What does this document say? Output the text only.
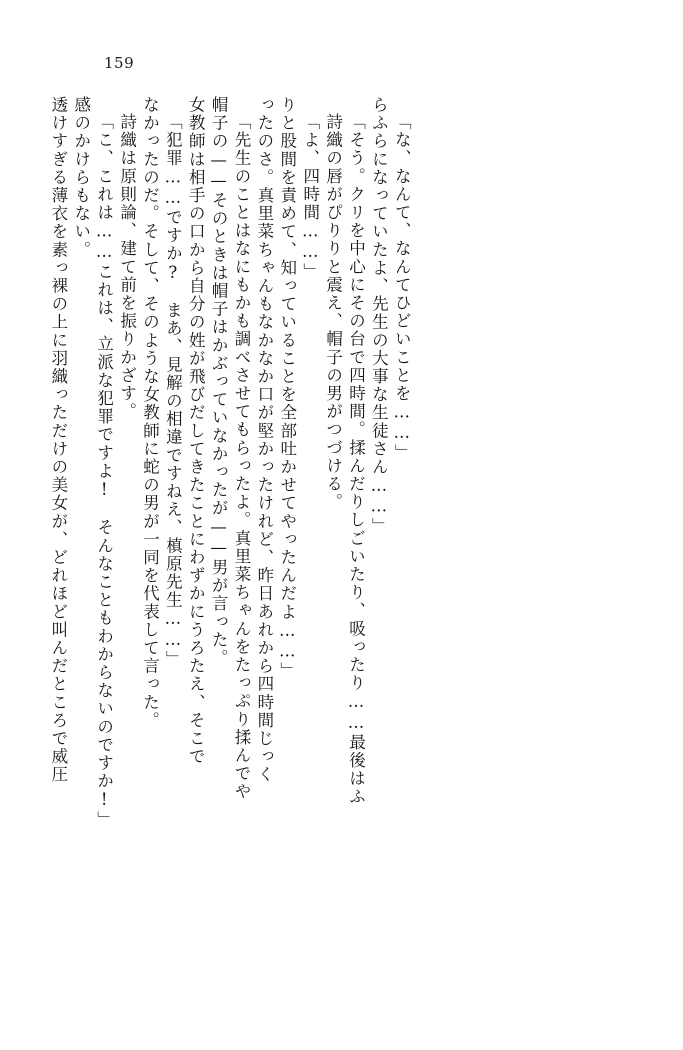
159
透けすぎる薄衣を素っ裸の上に羽織っただけの美女が、どれほど叫んだところで威圧 感のかけらもない。 「こ、これは……これは、立派な犯罪ですよ!　そんなこともわからないのですか!」 詩織は原則論、建て前を振りかざす。 なかったのだ。そして、そのような女教師に蛇の男が一同を代表して言った。 「犯罪……ですか?　まあ、見解の相違ですねえ、槙原先生……」 女教師は相手の口から自分の姓が飛びだしてきたことにわずかにうろたえ、そこで 帽子の——そのときは帽子はかぶっていなかったが——男が言った。 「先生のことはなにもかも調べさせてもらったよ。真里菜ちゃんをたっぷり揉んでや ったのさ。真里菜ちゃんもなかなか口が堅かったけれど、昨日あれから四時間じっく りと股間を責めて、知っていることを全部吐かせてやったんだよ……」 「よ、四時間……」 詩織の唇がぴりりと震え、帽子の男がつづける。 「そう。クリを中心にその台で四時間。揉んだりしごいたり、吸ったり……最後はふ らふらになっていたよ、先生の大事な生徒さん……」 「な、なんて、なんてひどいことを……」
